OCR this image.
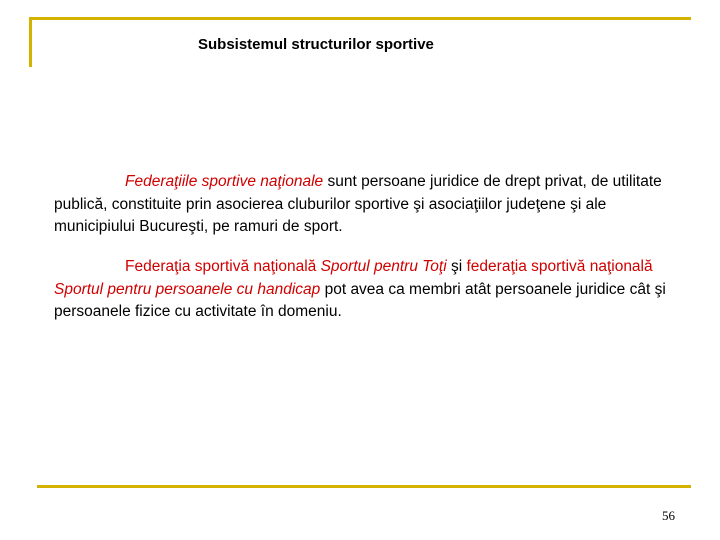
Subsistemul structurilor sportive

Federaţiile sportive naţionale sunt persoane juridice de drept privat, de utilitate publică, constituite prin asocierea cluburilor sportive şi asociaţiilor judeţene şi ale municipiului Bucureşti, pe ramuri de sport.

Federaţia sportivă naţională Sportul pentru Toţi şi federaţia sportivă naţională Sportul pentru persoanele cu handicap pot avea ca membri atât persoanele juridice cât şi persoanele fizice cu activitate în domeniu.

56
